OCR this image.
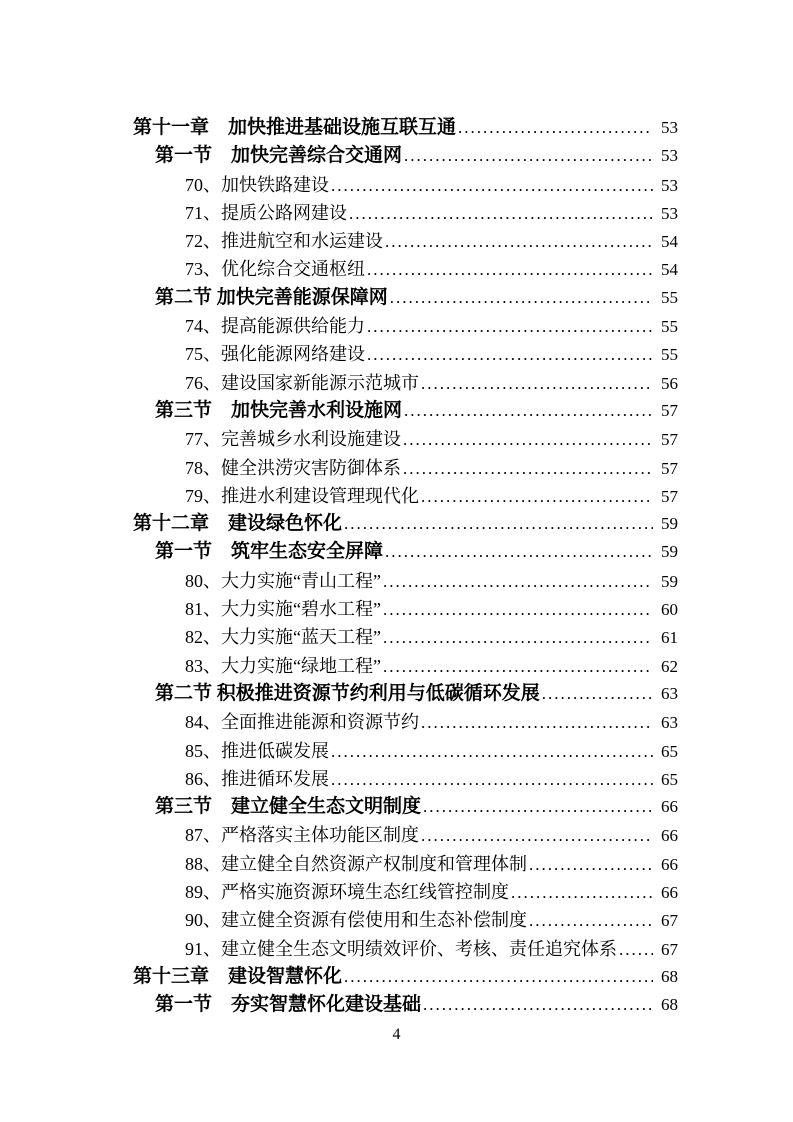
第十一章　加快推进基础设施互联互通 .....	53
第一节　加快完善综合交通网 .....	53
70、加快铁路建设 .....	53
71、提质公路网建设 .....	53
72、推进航空和水运建设 .....	54
73、优化综合交通枢纽 .....	54
第二节 加快完善能源保障网 .....	55
74、提高能源供给能力 .....	55
75、强化能源网络建设 .....	55
76、建设国家新能源示范城市 .....	56
第三节　加快完善水利设施网 .....	57
77、完善城乡水利设施建设 .....	57
78、健全洪涝灾害防御体系 .....	57
79、推进水利建设管理现代化 .....	57
第十二章　建设绿色怀化 .....	59
第一节　筑牢生态安全屏障 .....	59
80、大力实施“青山工程” .....	59
81、大力实施“碧水工程” .....	60
82、大力实施“蓝天工程” .....	61
83、大力实施“绿地工程” .....	62
第二节 积极推进资源节约利用与低碳循环发展 .....	63
84、全面推进能源和资源节约 .....	63
85、推进低碳发展 .....	65
86、推进循环发展 .....	65
第三节　建立健全生态文明制度 .....	66
87、严格落实主体功能区制度 .....	66
88、建立健全自然资源产权制度和管理体制 .....	66
89、严格实施资源环境生态红线管控制度 .....	66
90、建立健全资源有偿使用和生态补偿制度 .....	67
91、建立健全生态文明绩效评价、考核、责任追究体系 .....	67
第十三章　建设智慧怀化 .....	68
第一节　夯实智慧怀化建设基础 .....	68
4
